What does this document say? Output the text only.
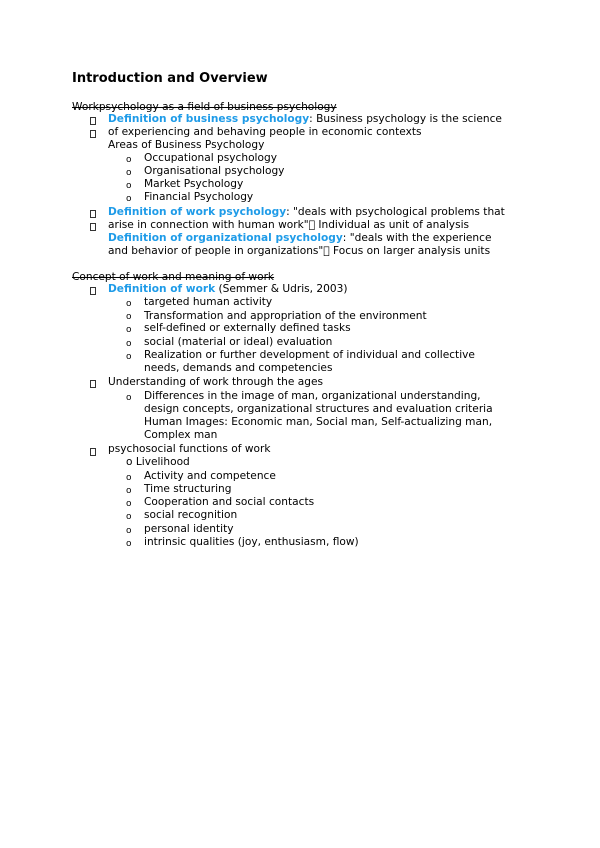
Introduction and Overview
Workpsychology as a field of business psychology
Definition of business psychology: Business psychology is the science
of experiencing and behaving people in economic contexts
Areas of Business Psychology
o Occupational psychology
o Organisational psychology
o Market Psychology
o Financial Psychology
Definition of work psychology: "deals with psychological problems that
arise in connection with human work" Individual as unit of analysis
Definition of organizational psychology: "deals with the experience
and behavior of people in organizations" Focus on larger analysis units
Concept of work and meaning of work
Definition of work (Semmer & Udris, 2003)
o targeted human activity
o Transformation and appropriation of the environment
o self-defined or externally defined tasks
o social (material or ideal) evaluation
o Realization or further development of individual and collective
needs, demands and competencies
Understanding of work through the ages
o Differences in the image of man, organizational understanding,
design concepts, organizational structures and evaluation criteria
Human Images: Economic man, Social man, Self-actualizing man,
Complex man
psychosocial functions of work
o Livelihood
o Activity and competence
o Time structuring
o Cooperation and social contacts
o social recognition
o personal identity
o intrinsic qualities (joy, enthusiasm, flow)
